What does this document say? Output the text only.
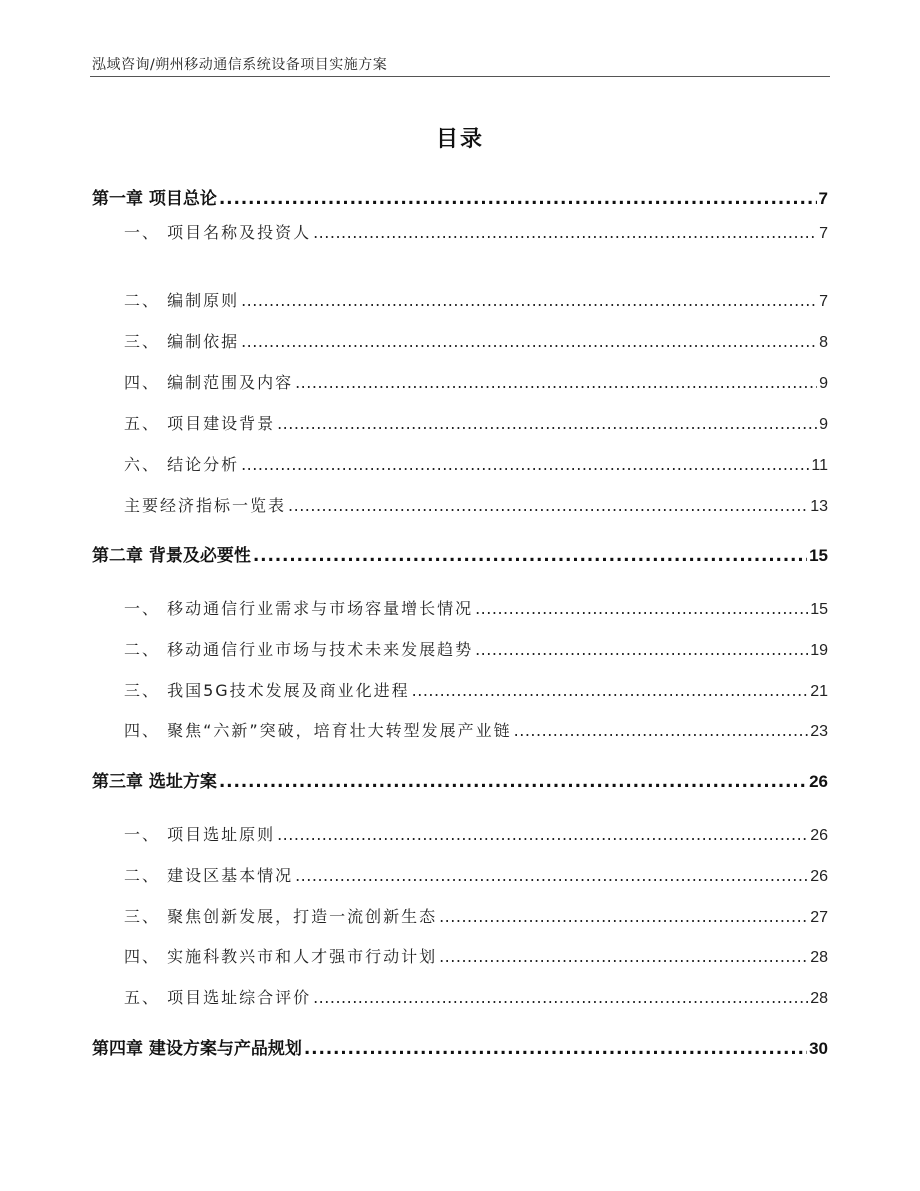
泓域咨询/朔州移动通信系统设备项目实施方案
目录
第一章 项目总论 .....	7
一、 项目名称及投资人 .....	7
二、 编制原则 .....	7
三、 编制依据 .....	8
四、 编制范围及内容 .....	9
五、 项目建设背景 .....	9
六、 结论分析 .....	11
主要经济指标一览表 .....	13
第二章 背景及必要性 .....	15
一、 移动通信行业需求与市场容量增长情况 .....	15
二、 移动通信行业市场与技术未来发展趋势 .....	19
三、 我国5G技术发展及商业化进程 .....	21
四、 聚焦“六新”突破，培育壮大转型发展产业链 .....	23
第三章 选址方案 .....	26
一、 项目选址原则 .....	26
二、 建设区基本情况 .....	26
三、 聚焦创新发展，打造一流创新生态 .....	27
四、 实施科教兴市和人才强市行动计划 .....	28
五、 项目选址综合评价 .....	28
第四章 建设方案与产品规划 .....	30
